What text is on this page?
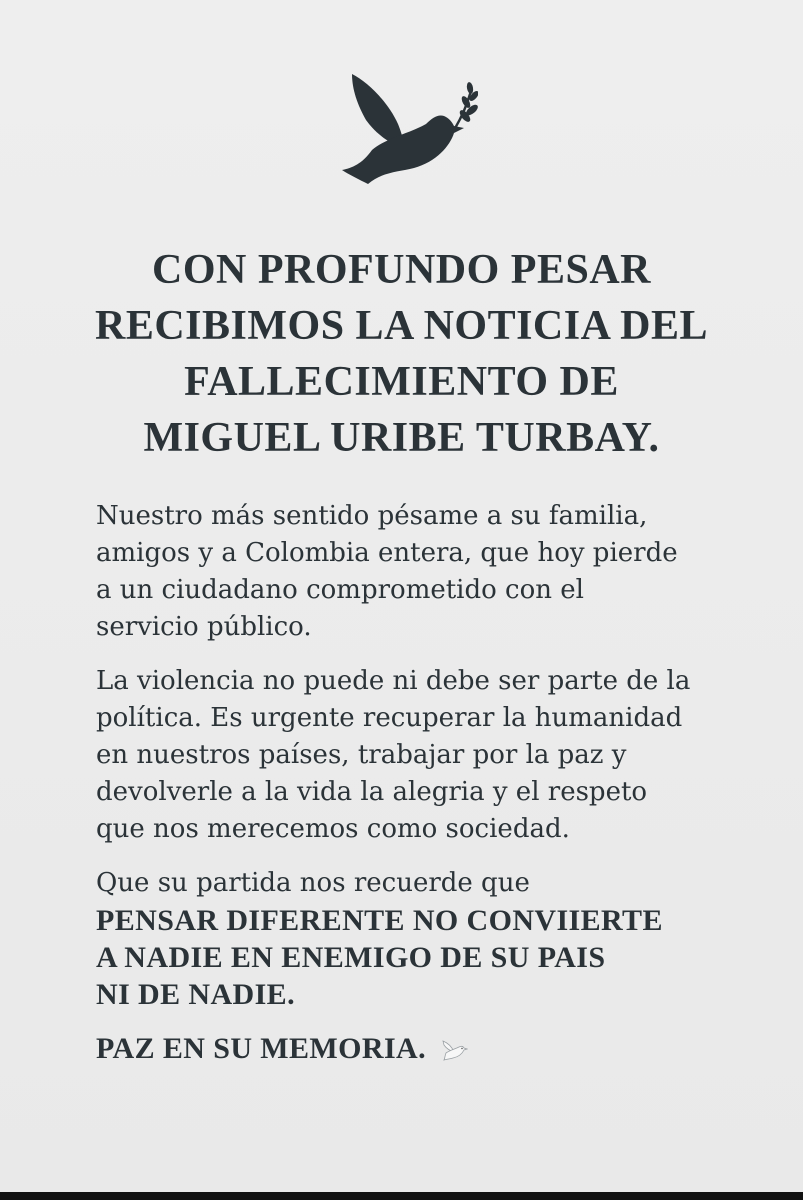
CON PROFUNDO PESAR
RECIBIMOS LA NOTICIA DEL
FALLECIMIENTO DE
MIGUEL URIBE TURBAY.

Nuestro más sentido pésame a su familia,
amigos y a Colombia entera, que hoy pierde
a un ciudadano comprometido con el
servicio público.

La violencia no puede ni debe ser parte de la
política. Es urgente recuperar la humanidad
en nuestros países, trabajar por la paz y
devolverle a la vida la alegria y el respeto
que nos merecemos como sociedad.

Que su partida nos recuerde que
PENSAR DIFERENTE NO CONVIIERTE
A NADIE EN ENEMIGO DE SU PAIS
NI DE NADIE.

PAZ EN SU MEMORIA.
